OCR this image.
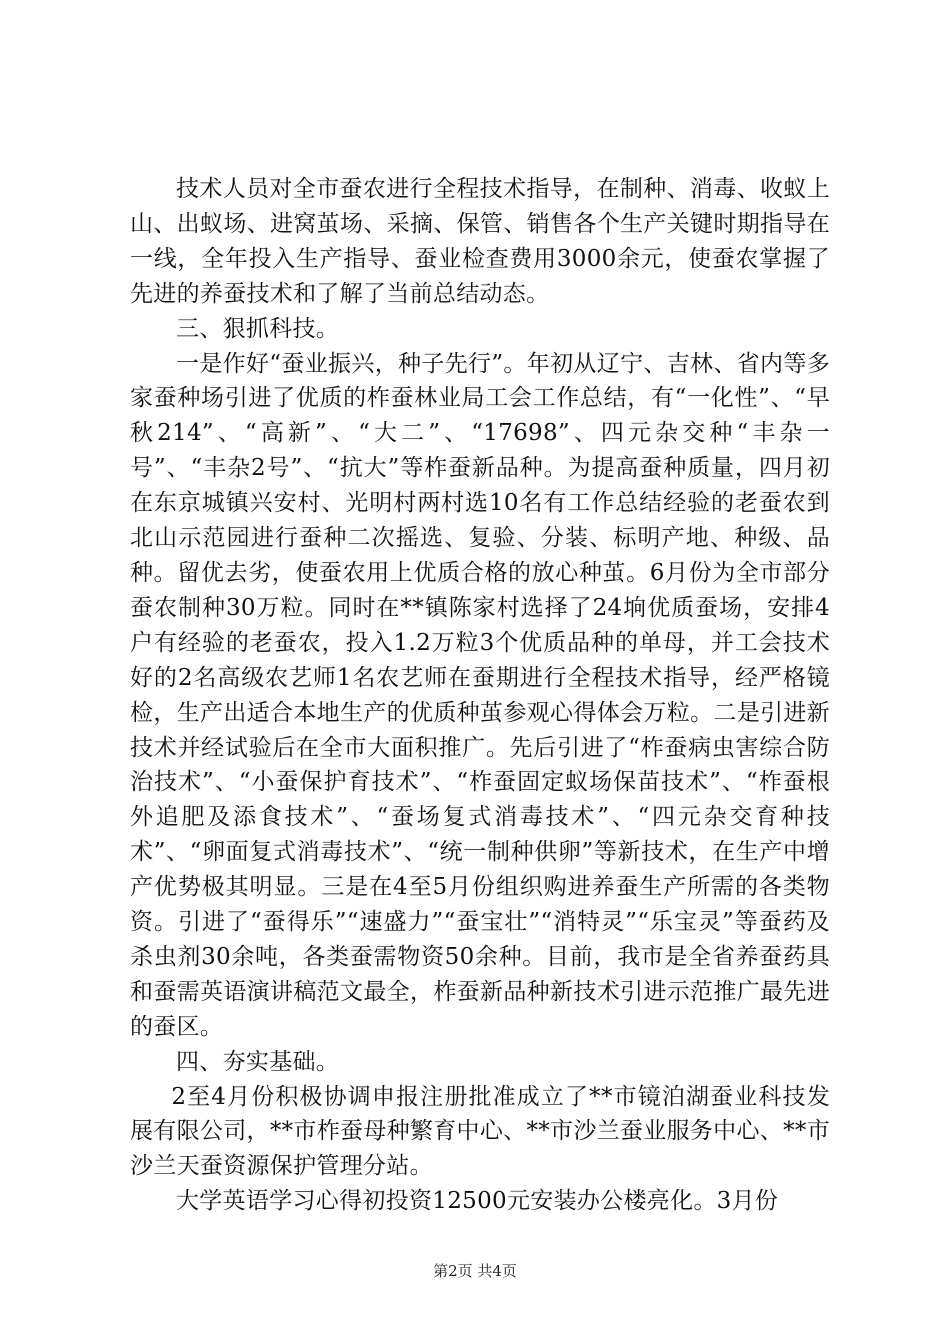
技术人员对全市蚕农进行全程技术指导，在制种、消毒、收蚁上山、出蚁场、进窝茧场、采摘、保管、销售各个生产关键时期指导在一线，全年投入生产指导、蚕业检查费用3000余元，使蚕农掌握了先进的养蚕技术和了解了当前总结动态。

三、狠抓科技。

一是作好“蚕业振兴，种子先行”。年初从辽宁、吉林、省内等多家蚕种场引进了优质的柞蚕林业局工会工作总结，有“一化性”、“早秋214”、“高新”、“大二”、“17698”、四元杂交种“丰杂一号”、“丰杂2号”、“抗大”等柞蚕新品种。为提高蚕种质量，四月初在东京城镇兴安村、光明村两村选10名有工作总结经验的老蚕农到北山示范园进行蚕种二次摇选、复验、分装、标明产地、种级、品种。留优去劣，使蚕农用上优质合格的放心种茧。6月份为全市部分蚕农制种30万粒。同时在**镇陈家村选择了24垧优质蚕场，安排4户有经验的老蚕农，投入1.2万粒3个优质品种的单母，并工会技术好的2名高级农艺师1名农艺师在蚕期进行全程技术指导，经严格镜检，生产出适合本地生产的优质种茧参观心得体会万粒。二是引进新技术并经试验后在全市大面积推广。先后引进了“柞蚕病虫害综合防治技术”、“小蚕保护育技术”、“柞蚕固定蚁场保苗技术”、“柞蚕根外追肥及添食技术”、“蚕场复式消毒技术”、“四元杂交育种技术”、“卵面复式消毒技术”、“统一制种供卵”等新技术，在生产中增产优势极其明显。三是在4至5月份组织购进养蚕生产所需的各类物资。引进了“蚕得乐”“速盛力”“蚕宝壮”“消特灵”“乐宝灵”等蚕药及杀虫剂30余吨，各类蚕需物资50余种。目前，我市是全省养蚕药具和蚕需英语演讲稿范文最全，柞蚕新品种新技术引进示范推广最先进的蚕区。

四、夯实基础。

2至4月份积极协调申报注册批准成立了**市镜泊湖蚕业科技发展有限公司，**市柞蚕母种繁育中心、**市沙兰蚕业服务中心、**市沙兰天蚕资源保护管理分站。

大学英语学习心得初投资12500元安装办公楼亮化。3月份

第2页 共4页
